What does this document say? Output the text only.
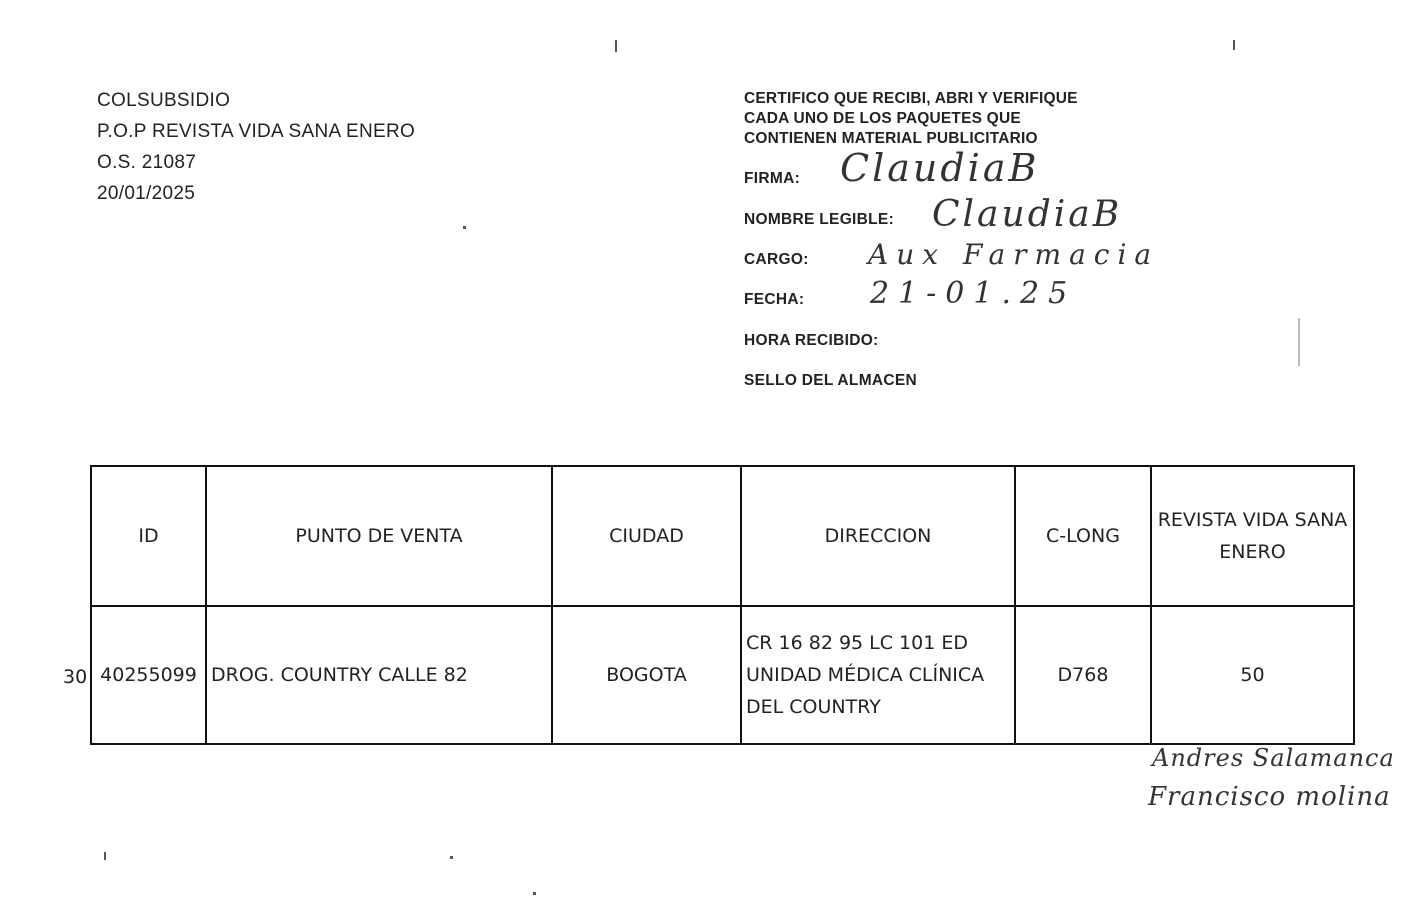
COLSUBSIDIO
P.O.P REVISTA VIDA SANA ENERO
O.S. 21087
20/01/2025
CERTIFICO QUE RECIBI, ABRI Y VERIFIQUE
CADA UNO DE LOS PAQUETES QUE
CONTIENEN MATERIAL PUBLICITARIO
FIRMA: ClaudiaB
NOMBRE LEGIBLE: ClaudiaB
CARGO: Aux Farmacia
FECHA: 21-01.25
HORA RECIBIDO:
SELLO DEL ALMACEN
30
ID	PUNTO DE VENTA	CIUDAD	DIRECCION	C-LONG	REVISTA VIDA SANA ENERO
40255099	DROG. COUNTRY CALLE 82	BOGOTA	CR 16 82 95 LC 101 ED UNIDAD MÉDICA CLÍNICA DEL COUNTRY	D768	50
Andres Salamanca
Francisco molina
